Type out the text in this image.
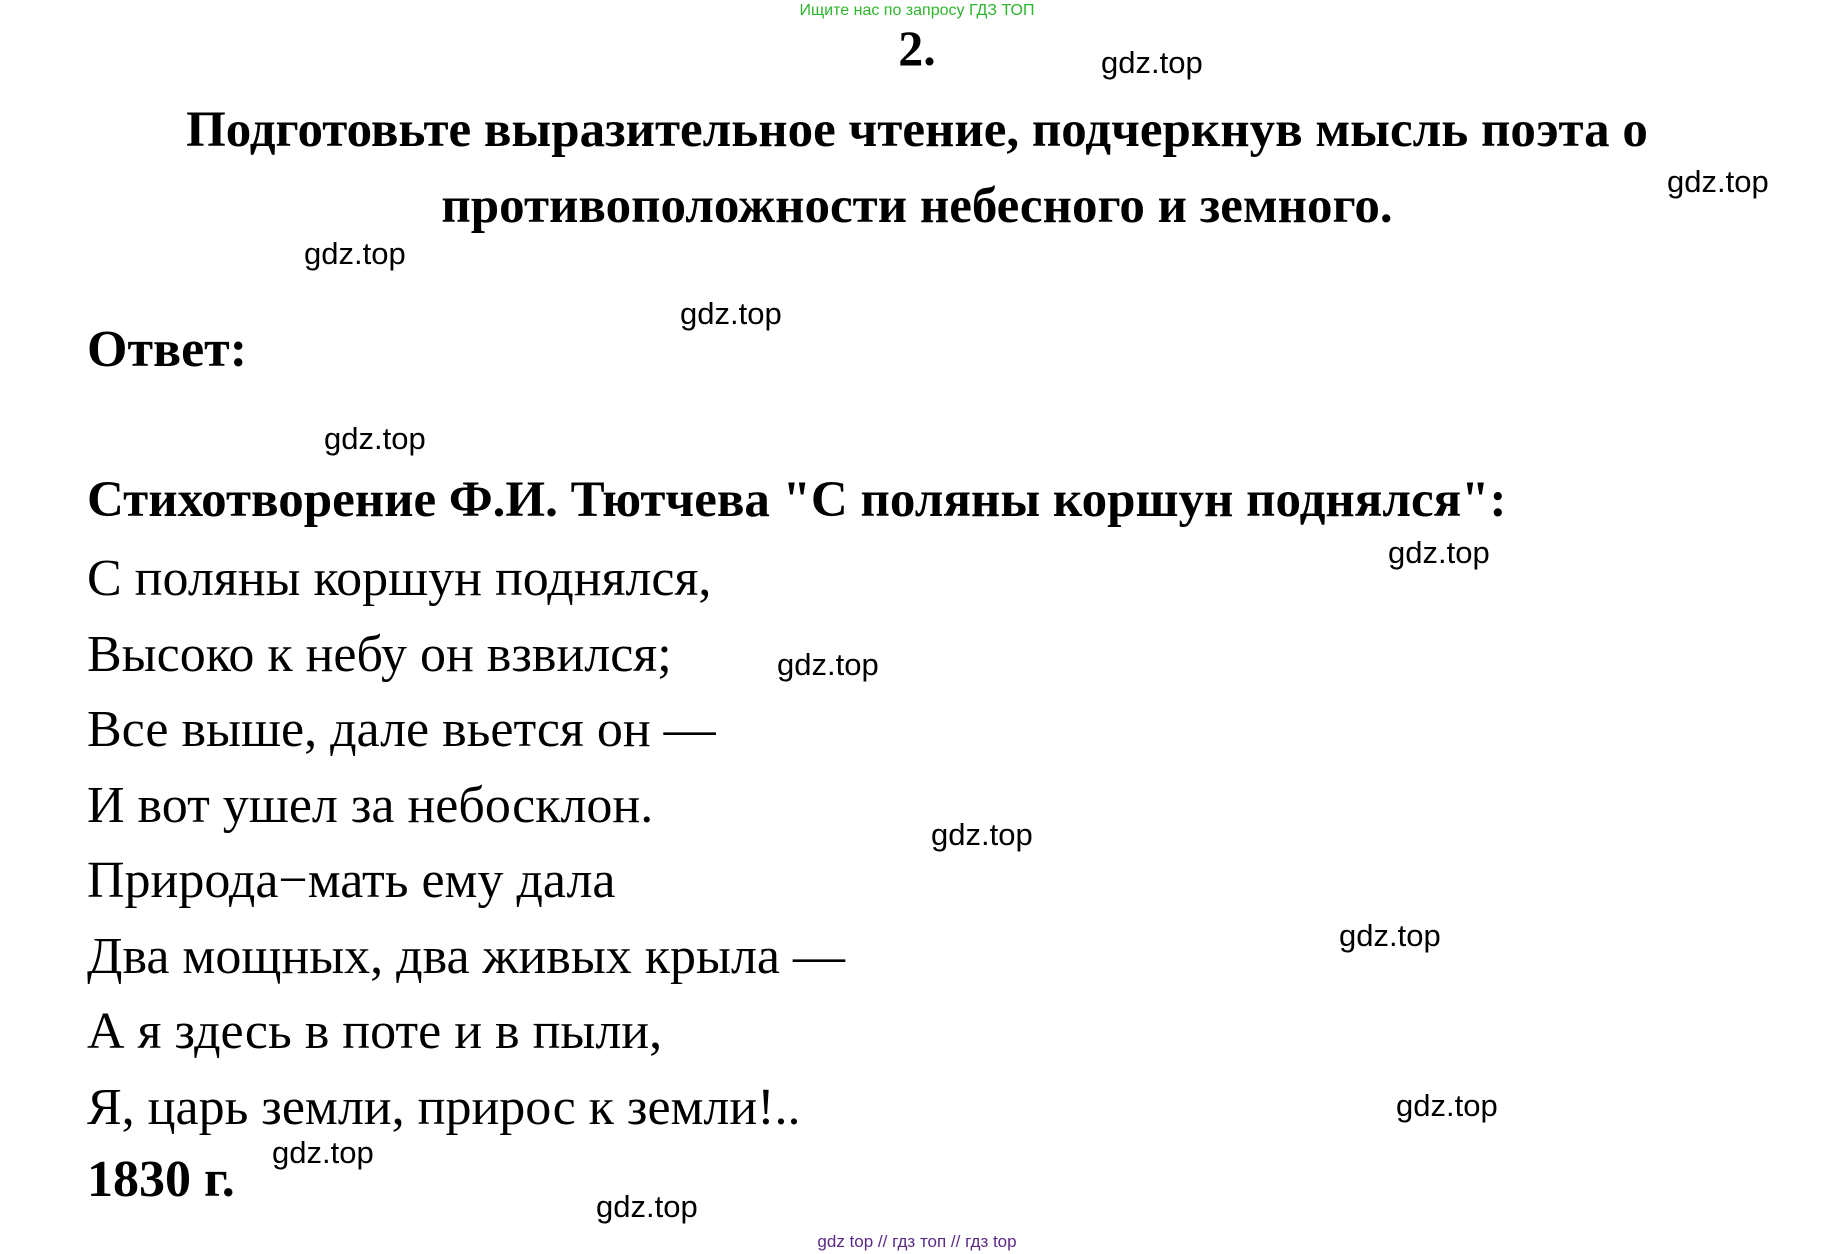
Ищите нас по запросу ГДЗ ТОП
2.
Подготовьте выразительное чтение, подчеркнув мысль поэта о противоположности небесного и земного.
Ответ:
Стихотворение Ф.И. Тютчева "С поляны коршун поднялся":
С поляны коршун поднялся,
Высоко к небу он взвился;
Все выше, дале вьется он —
И вот ушел за небосклон.
Природа−мать ему дала
Два мощных, два живых крыла —
А я здесь в поте и в пыли,
Я, царь земли, прирос к земли!..
1830 г.
gdz.top
gdz.top
gdz.top
gdz.top
gdz.top
gdz.top
gdz.top
gdz.top
gdz.top
gdz.top
gdz.top
gdz.top
gdz top // гдз топ // гдз top
